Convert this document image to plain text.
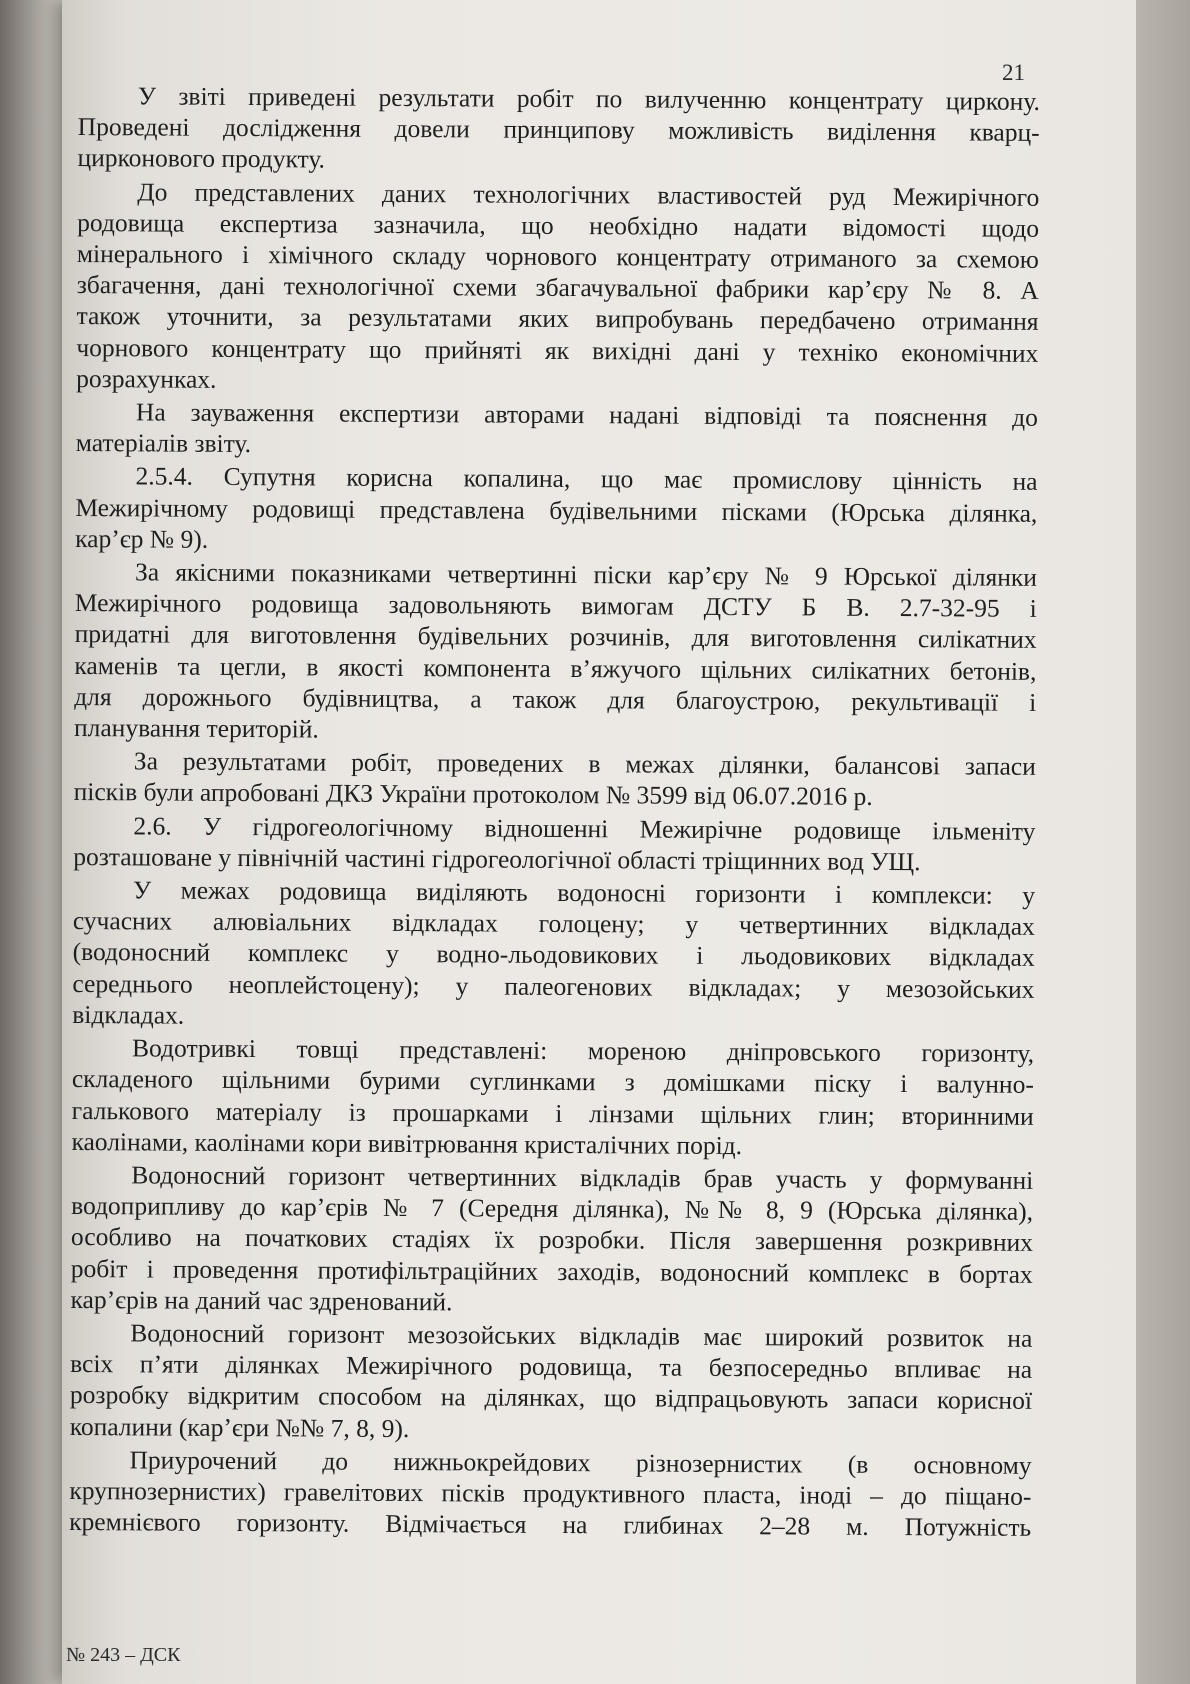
21
У звіті приведені результати робіт по вилученню концентрату циркону.
Проведені дослідження довели принципову можливість виділення кварц-
цирконового продукту.
До представлених даних технологічних властивостей руд Межирічного
родовища експертиза зазначила, що необхідно надати відомості щодо
мінерального і хімічного складу чорнового концентрату отриманого за схемою
збагачення, дані технологічної схеми збагачувальної фабрики кар’єру № 8. А
також уточнити, за результатами яких випробувань передбачено отримання
чорнового концентрату що прийняті як вихідні дані у техніко економічних
розрахунках.
На зауваження експертизи авторами надані відповіді та пояснення до
матеріалів звіту.
2.5.4. Супутня корисна копалина, що має промислову цінність на
Межирічному родовищі представлена будівельними пісками (Юрська ділянка,
кар’єр № 9).
За якісними показниками четвертинні піски кар’єру № 9 Юрської ділянки
Межирічного родовища задовольняють вимогам ДСТУ Б В. 2.7-32-95 і
придатні для виготовлення будівельних розчинів, для виготовлення силікатних
каменів та цегли, в якості компонента в’яжучого щільних силікатних бетонів,
для дорожнього будівництва, а також для благоустрою, рекультивації і
планування територій.
За результатами робіт, проведених в межах ділянки, балансові запаси
пісків були апробовані ДКЗ України протоколом № 3599 від 06.07.2016 р.
2.6. У гідрогеологічному відношенні Межирічне родовище ільменіту
розташоване у північній частині гідрогеологічної області тріщинних вод УЩ.
У межах родовища виділяють водоносні горизонти і комплекси: у
сучасних алювіальних відкладах голоцену; у четвертинних відкладах
(водоносний комплекс у водно-льодовикових і льодовикових відкладах
середнього неоплейстоцену); у палеогенових відкладах; у мезозойських
відкладах.
Водотривкі товщі представлені: мореною дніпровського горизонту,
складеного щільними бурими суглинками з домішками піску і валунно-
галькового матеріалу із прошарками і лінзами щільних глин; вторинними
каолінами, каолінами кори вивітрювання кристалічних порід.
Водоносний горизонт четвертинних відкладів брав участь у формуванні
водоприпливу до кар’єрів № 7 (Середня ділянка), №№ 8, 9 (Юрська ділянка),
особливо на початкових стадіях їх розробки. Після завершення розкривних
робіт і проведення протифільтраційних заходів, водоносний комплекс в бортах
кар’єрів на даний час здренований.
Водоносний горизонт мезозойських відкладів має широкий розвиток на
всіх п’яти ділянках Межирічного родовища, та безпосередньо впливає на
розробку відкритим способом на ділянках, що відпрацьовують запаси корисної
копалини (кар’єри №№ 7, 8, 9).
Приурочений до нижньокрейдових різнозернистих (в основному
крупнозернистих) гравелітових пісків продуктивного пласта, іноді – до піщано-
кремнієвого горизонту. Відмічається на глибинах 2–28 м. Потужність
№ 243 – ДСК
